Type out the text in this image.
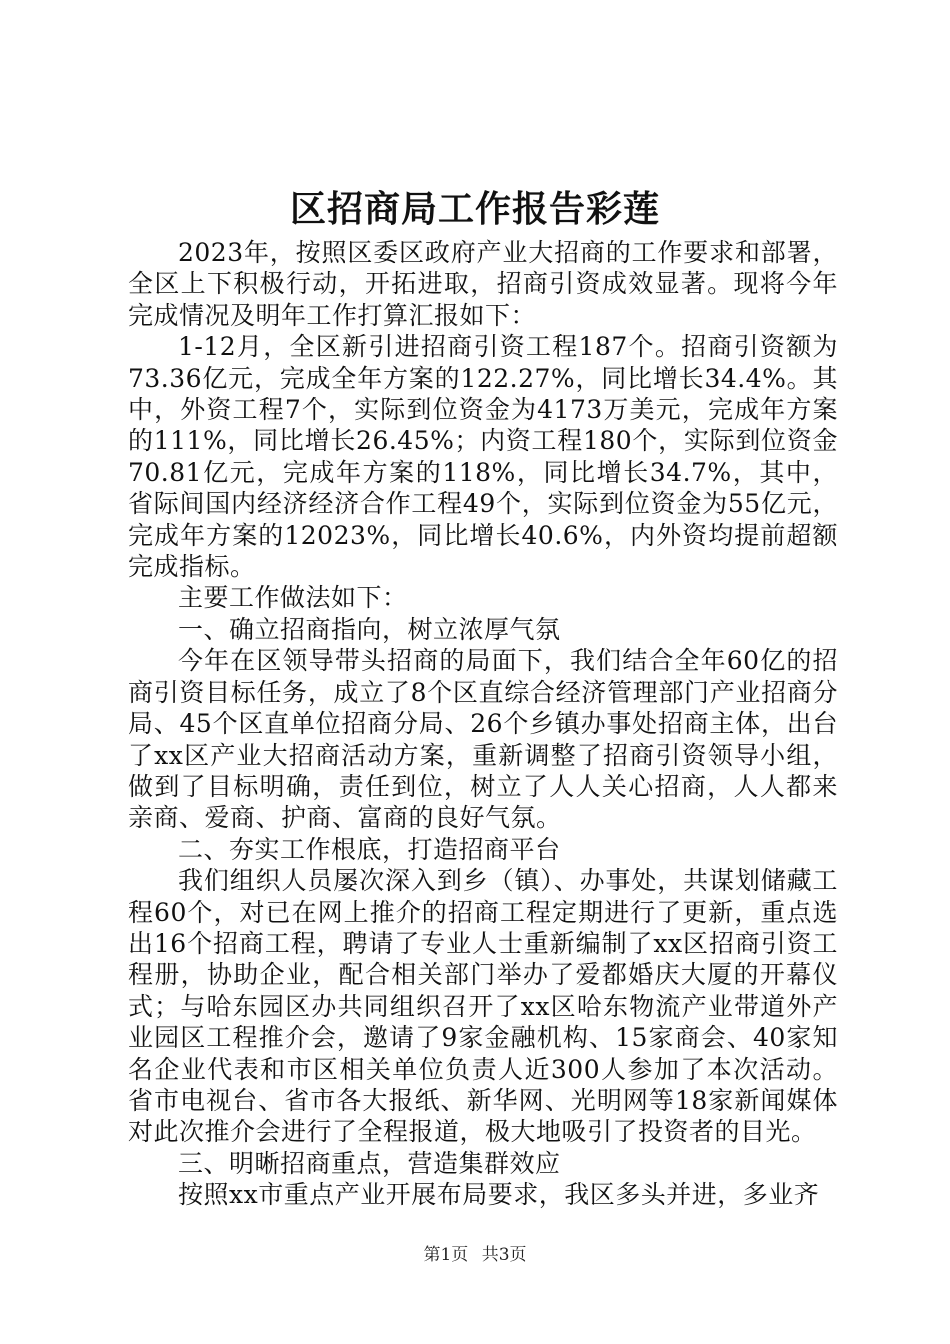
区招商局工作报告彩莲

2023年，按照区委区政府产业大招商的工作要求和部署，全区上下积极行动，开拓进取，招商引资成效显著。现将今年完成情况及明年工作打算汇报如下：

1-12月，全区新引进招商引资工程187个。招商引资额为73.36亿元，完成全年方案的122.27%，同比增长34.4%。其中，外资工程7个，实际到位资金为4173万美元，完成年方案的111%，同比增长26.45%；内资工程180个，实际到位资金70.81亿元，完成年方案的118%，同比增长34.7%，其中，省际间国内经济经济合作工程49个，实际到位资金为55亿元，完成年方案的12023%，同比增长40.6%，内外资均提前超额完成指标。

主要工作做法如下：

一、确立招商指向，树立浓厚气氛

今年在区领导带头招商的局面下，我们结合全年60亿的招商引资目标任务，成立了8个区直综合经济管理部门产业招商分局、45个区直单位招商分局、26个乡镇办事处招商主体，出台了xx区产业大招商活动方案，重新调整了招商引资领导小组，做到了目标明确，责任到位，树立了人人关心招商，人人都来亲商、爱商、护商、富商的良好气氛。

二、夯实工作根底，打造招商平台

我们组织人员屡次深入到乡（镇）、办事处，共谋划储藏工程60个，对已在网上推介的招商工程定期进行了更新，重点选出16个招商工程，聘请了专业人士重新编制了xx区招商引资工程册，协助企业，配合相关部门举办了爱都婚庆大厦的开幕仪式；与哈东园区办共同组织召开了xx区哈东物流产业带道外产业园区工程推介会，邀请了9家金融机构、15家商会、40家知名企业代表和市区相关单位负责人近300人参加了本次活动。省市电视台、省市各大报纸、新华网、光明网等18家新闻媒体对此次推介会进行了全程报道，极大地吸引了投资者的目光。

三、明晰招商重点，营造集群效应

按照xx市重点产业开展布局要求，我区多头并进，多业齐

第1页 共3页
